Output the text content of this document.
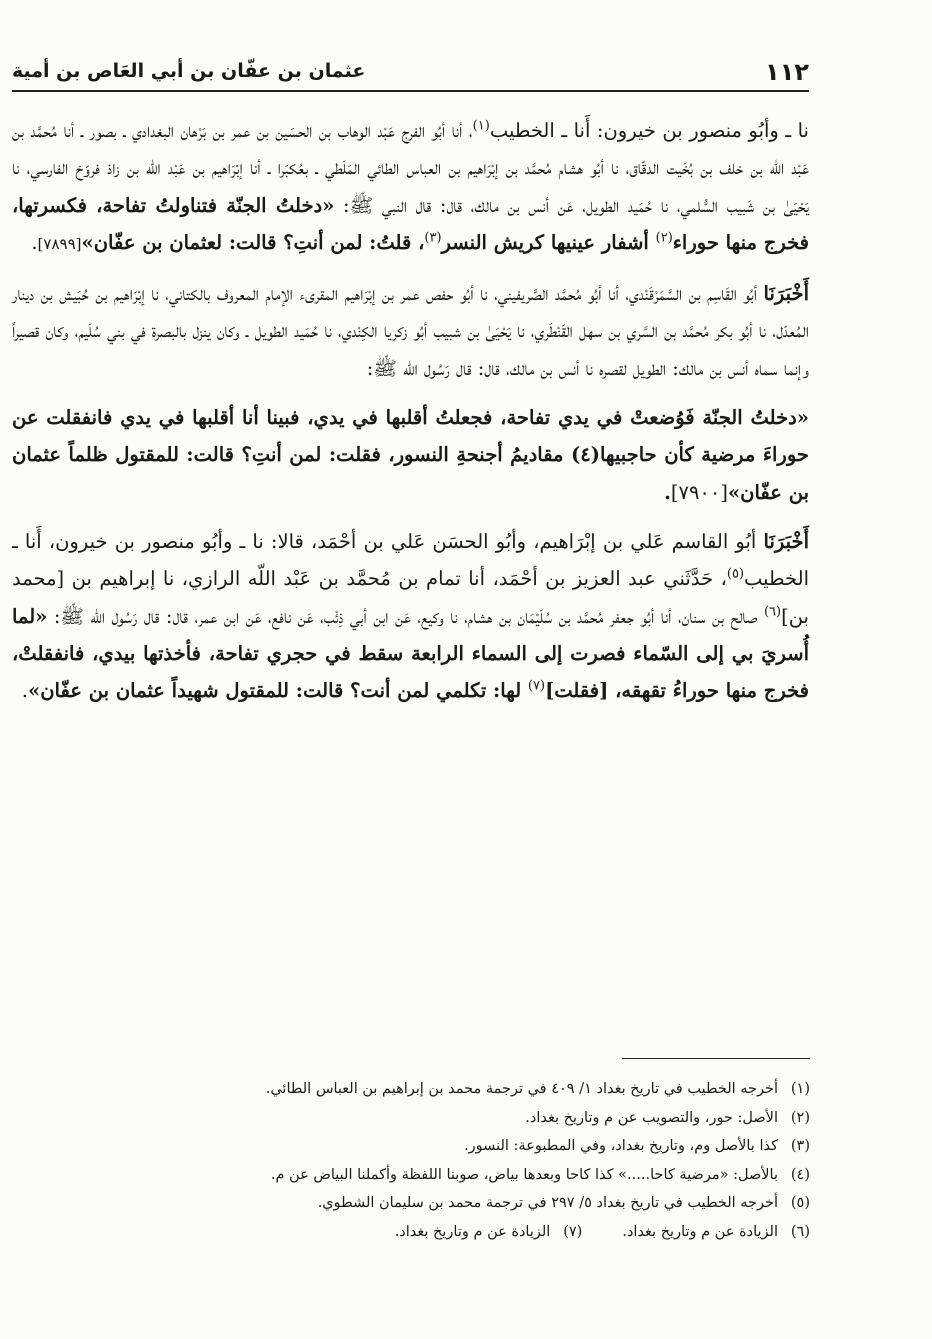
١١٢
عثمان بن عفّان بن أبي العَاص بن أمية

نا ـ وأبُو منصور بن خيرون: أَنا ـ الخطيب$^{(١)}$، أنا أبُو الفرج عَبْد الوهاب بن الحسَين بن عمر بن بَرْهان البغدادي ـ بصور ـ أنا مُحمَّد بن عَبْد اللّه بن خلف بن بُخَيت الدقّاق، نا أبُو هشام مُحمَّد بن إبْرَاهيم بن العباس الطائي المَلَطي ـ بعُكبَرا ـ أنا إبْرَاهيم بن عَبْد اللّه بن زاذ فروّخ الفارسي، نا يَحْيَىٰ بن شَبيب السُّلمي، نا حُمَيد الطويل، عَن أنس بن مالك، قال: قال النبي ﷺ: «دخلتُ الجنّة فتناولتُ تفاحة، فكسرتها، فخرج منها حوراء$^{(٢)}$ أشفار عينيها كريش النسر$^{(٣)}$، قلتُ: لمن أنتِ؟ قالت: لعثمان بن عفّان»[٧٨٩٩].

أَخْبَرَنَا أبُو القَاسِم بن السَّمَرْقَنْدي، أنا أبُو مُحمَّد الصَّريفيني، نا أبُو حفص عمر بن إبْرَاهيم المقرىء الإمام المعروف بالكتاني، نا إبْرَاهيم بن حُبَيش بن دينار المُعدّل، نا أبُو بكر مُحمَّد بن السَّري بن سهل القَنْطَري، نا يَحْيَىٰ بن شبيب أبُو زكريا الكِنْدي، نا حُمَيد الطويل ـ وكان ينزل بالبصرة في بني سُلَيم، وكان قصيراً وإنما سماه أنس بن مالك: الطويل لقصره نا أنس بن مالك، قال: قال رَسُول اللّه ﷺ:

«دخلتُ الجنّة فَوُضعتْ في يدي تفاحة، فجعلتُ أقلبها في يدي، فبينا أنا أقلبها في يدي فانفقلت عن حوراءَ مرضية كأن حاجبيها(٤) مقاديمُ أجنحةِ النسور، فقلت: لمن أنتِ؟ قالت: للمقتول ظلماً عثمان بن عفّان»[٧٩٠٠].

أَخْبَرَنَا أبُو القاسم عَلي بن إبْرَاهيم، وأبُو الحسَن عَلي بن أحْمَد، قالا: نا ـ وأبُو منصور بن خيرون، أَنا ـ الخطيب$^{(٥)}$، حَدَّثَني عبد العزيز بن أحْمَد، أنا تمام بن مُحمَّد بن عَبْد اللّه الرازي، نا إبراهيم بن [محمد بن]$^{(٦)}$ صالح بن سنان، أنا أبُو جعفر مُحمَّد بن سُلَيْمَان بن هشام، نا وكيع، عَن ابن أبي ذِئْب، عَن نافع، عَن ابن عمر، قال: قال رَسُول الله ﷺ: «لما أُسريَ بي إلى السّماء فصرت إلى السماء الرابعة سقط في حجري تفاحة، فأخذتها بيدي، فانفقلتْ، فخرج منها حوراءُ تقهقه، [فقلت]$^{(٧)}$ لها: تكلمي لمن أنت؟ قالت: للمقتول شهيداً عثمان بن عفّان».

(١)أخرجه الخطيب في تاريخ بغداد ١/ ٤٠٩ في ترجمة محمد بن إبراهيم بن العباس الطائي.
(٢)الأصل: حور، والتصويب عن م وتاريخ بغداد.
(٣)كذا بالأصل وم، وتاريخ بغداد، وفي المطبوعة: النسور.
(٤)بالأصل: «مرضية كاحا.....» كذا كاحا وبعدها بياض، صوبنا اللفظة وأكملنا البياض عن م.
(٥)أخرجه الخطيب في تاريخ بغداد ٥/ ٢٩٧ في ترجمة محمد بن سليمان الشطوي.
(٦)الزيادة عن م وتاريخ بغداد.(٧)الزيادة عن م وتاريخ بغداد.
